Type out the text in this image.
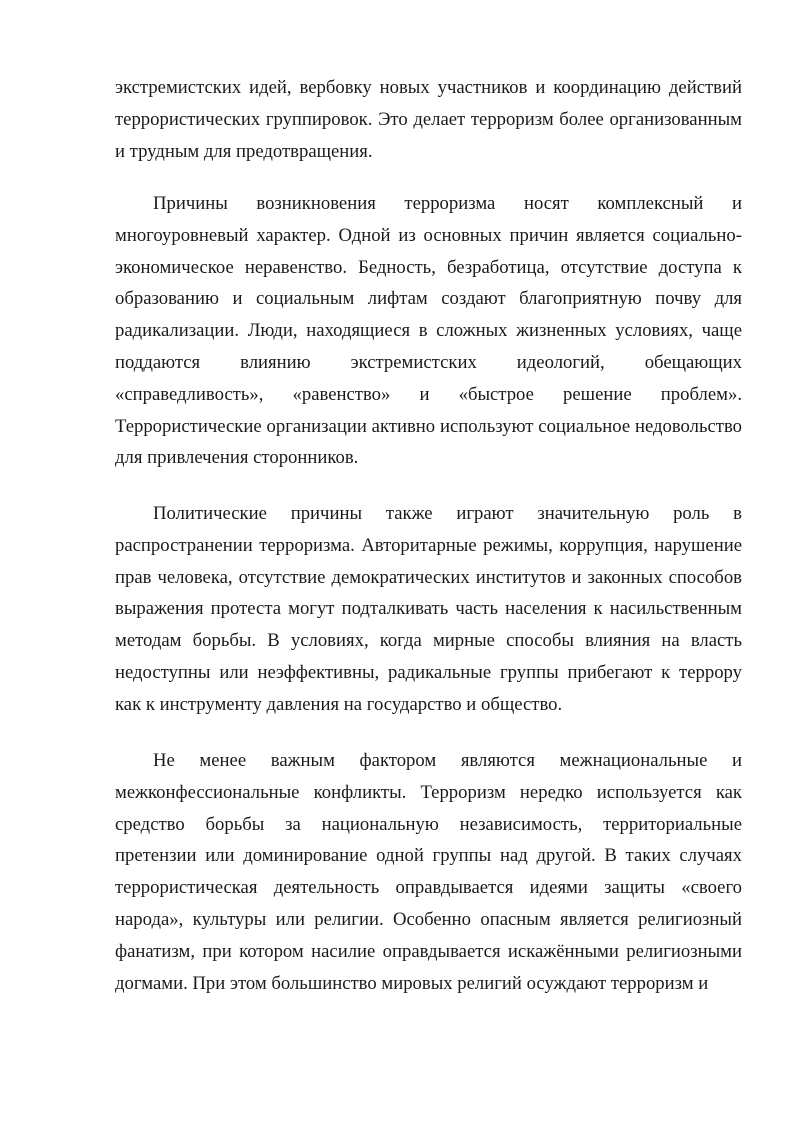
экстремистских идей, вербовку новых участников и координацию действий террористических группировок. Это делает терроризм более организованным и трудным для предотвращения.

Причины возникновения терроризма носят комплексный и многоуровневый характер. Одной из основных причин является социально-экономическое неравенство. Бедность, безработица, отсутствие доступа к образованию и социальным лифтам создают благоприятную почву для радикализации. Люди, находящиеся в сложных жизненных условиях, чаще поддаются влиянию экстремистских идеологий, обещающих «справедливость», «равенство» и «быстрое решение проблем». Террористические организации активно используют социальное недовольство для привлечения сторонников.

Политические причины также играют значительную роль в распространении терроризма. Авторитарные режимы, коррупция, нарушение прав человека, отсутствие демократических институтов и законных способов выражения протеста могут подталкивать часть населения к насильственным методам борьбы. В условиях, когда мирные способы влияния на власть недоступны или неэффективны, радикальные группы прибегают к террору как к инструменту давления на государство и общество.

Не менее важным фактором являются межнациональные и межконфессиональные конфликты. Терроризм нередко используется как средство борьбы за национальную независимость, территориальные претензии или доминирование одной группы над другой. В таких случаях террористическая деятельность оправдывается идеями защиты «своего народа», культуры или религии. Особенно опасным является религиозный фанатизм, при котором насилие оправдывается искажёнными религиозными догмами. При этом большинство мировых религий осуждают терроризм и
